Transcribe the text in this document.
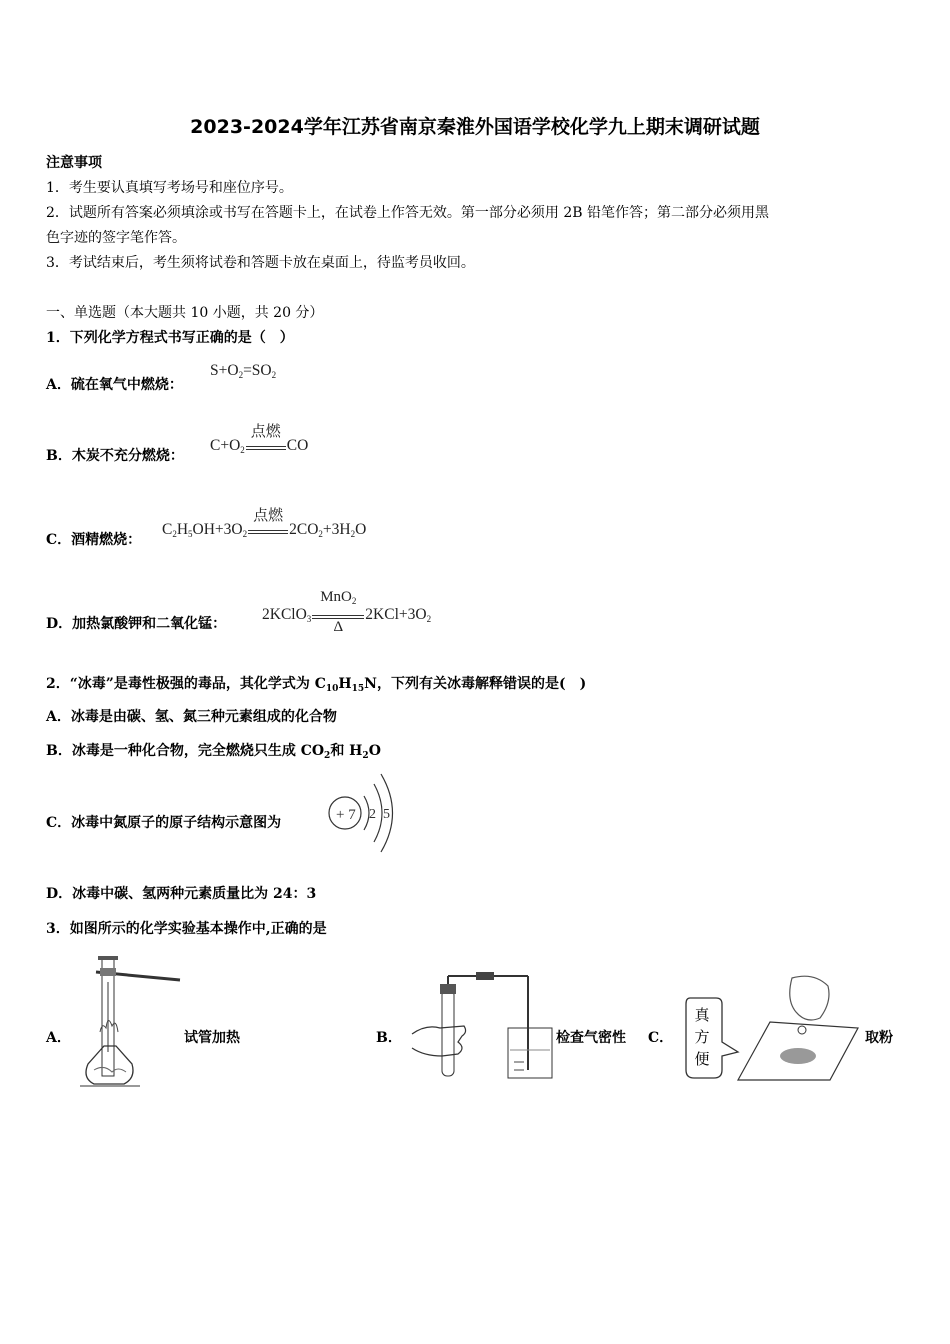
2023-2024学年江苏省南京秦淮外国语学校化学九上期末调研试题
注意事项
1．考生要认真填写考场号和座位序号。
2．试题所有答案必须填涂或书写在答题卡上，在试卷上作答无效。第一部分必须用 2B 铅笔作答；第二部分必须用黑
色字迹的签字笔作答。
3．考试结束后，考生须将试卷和答题卡放在桌面上，待监考员收回。
一、单选题（本大题共 10 小题，共 20 分）
1．下列化学方程式书写正确的是（　）
A．硫在氧气中燃烧：
$S+O_2=SO_2$
B．木炭不充分燃烧：
$C+O_2$
点燃
CO
C．酒精燃烧：
$C_2H_5OH+3O_2$
点燃
$2CO_2+3H_2O$
D．加热氯酸钾和二氧化锰：
2KClO$_3$
MnO$_2$
Δ
$2KCl+3O_2$
2．“冰毒”是毒性极强的毒品，其化学式为 $C_{10}H_{15}N$，下列有关冰毒解释错误的是(　)
A．冰毒是由碳、氢、氮三种元素组成的化合物
B．冰毒是一种化合物，完全燃烧只生成 $CO_2$和 $H_2O$
C．冰毒中氮原子的原子结构示意图为	+ 7 2 5
D．冰毒中碳、氢两种元素质量比为 24：3
3．如图所示的化学实验基本操作中,正确的是
A．	试管加热	B．	检查气密性 C．
真
方
便
取粉
